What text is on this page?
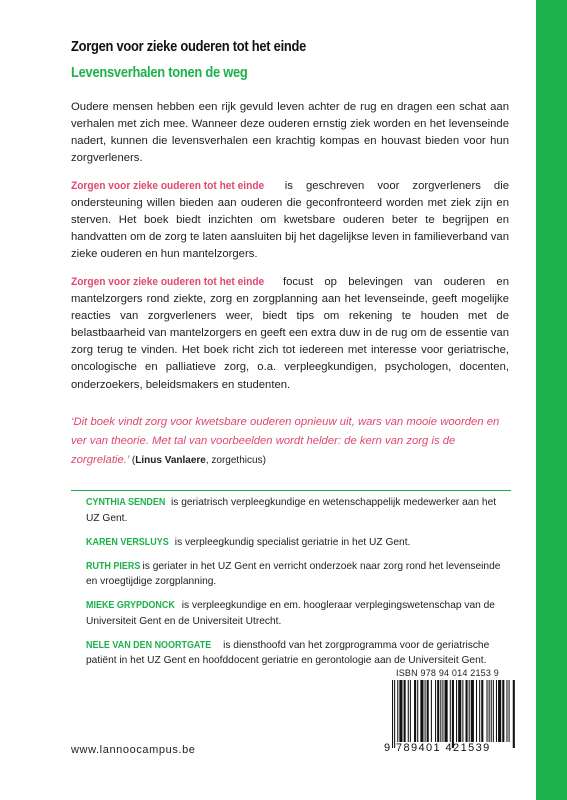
Zorgen voor zieke ouderen tot het einde
Levensverhalen tonen de weg
Oudere mensen hebben een rijk gevuld leven achter de rug en dragen een schat aan verhalen met zich mee. Wanneer deze ouderen ernstig ziek worden en het levenseinde nadert, kunnen die levensverhalen een krachtig kompas en houvast bieden voor hun zorgverleners.
Zorgen voor zieke ouderen tot het einde is geschreven voor zorgverleners die ondersteuning willen bieden aan ouderen die geconfronteerd worden met ziek zijn en sterven. Het boek biedt inzichten om kwetsbare ouderen beter te begrijpen en handvatten om de zorg te laten aansluiten bij het dagelijkse leven in familieverband van zieke ouderen en hun mantelzorgers.
Zorgen voor zieke ouderen tot het einde focust op belevingen van ouderen en mantelzorgers rond ziekte, zorg en zorgplanning aan het levenseinde, geeft mogelijke reacties van zorgverleners weer, biedt tips om rekening te houden met de belastbaarheid van mantelzorgers en geeft een extra duw in de rug om de essentie van zorg terug te vinden. Het boek richt zich tot iedereen met interesse voor geriatrische, oncologische en palliatieve zorg, o.a. verpleegkundigen, psychologen, docenten, onderzoekers, beleidsmakers en studenten.
‘Dit boek vindt zorg voor kwetsbare ouderen opnieuw uit, wars van mooie woorden en ver van theorie. Met tal van voorbeelden wordt helder: de kern van zorg is de zorgrelatie.’ (Linus Vanlaere, zorgethicus)
CYNTHIA SENDEN is geriatrisch verpleegkundige en wetenschappelijk medewerker aan het UZ Gent.
KAREN VERSLUYS is verpleegkundig specialist geriatrie in het UZ Gent.
RUTH PIERS is geriater in het UZ Gent en verricht onderzoek naar zorg rond het levenseinde en vroegtijdige zorgplanning.
MIEKE GRYPDONCK is verpleegkundige en em. hoogleraar verplegingswetenschap van de Universiteit Gent en de Universiteit Utrecht.
NELE VAN DEN NOORTGATE is diensthoofd van het zorgprogramma voor de geriatrische patiënt in het UZ Gent en hoofddocent geriatrie en gerontologie aan de Universiteit Gent.
ISBN 978 94 014 2153 9
9 789401 421539
www.lannoocampus.be
